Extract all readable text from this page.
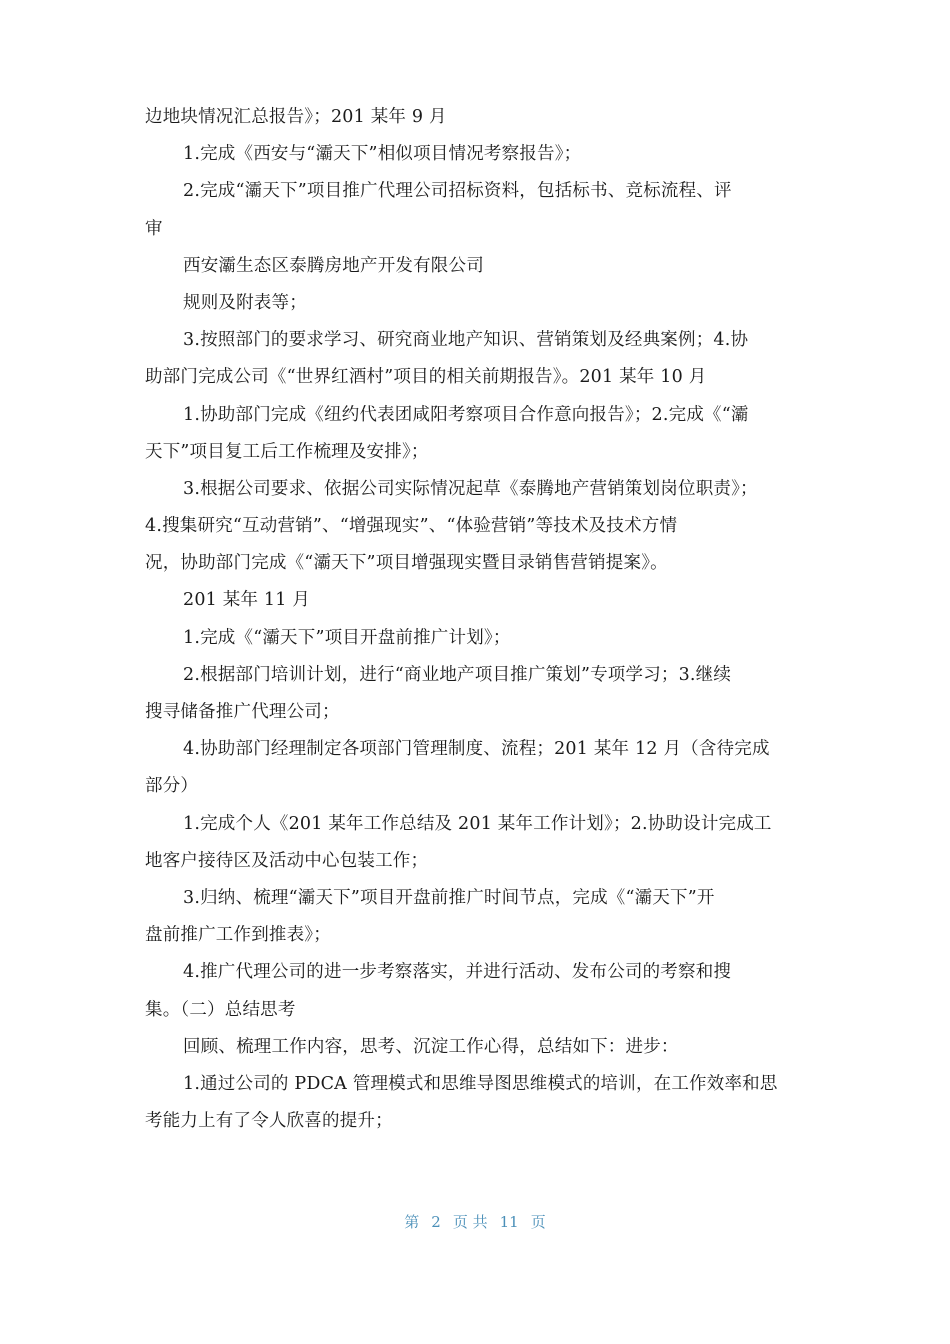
边地块情况汇总报告》；201 某年 9 月
1.完成《西安与“灞天下”相似项目情况考察报告》；
2.完成“灞天下”项目推广代理公司招标资料，包括标书、竞标流程、评
审
西安灞生态区泰腾房地产开发有限公司
规则及附表等；
3.按照部门的要求学习、研究商业地产知识、营销策划及经典案例；4.协
助部门完成公司《“世界红酒村”项目的相关前期报告》。201 某年 10 月
1.协助部门完成《纽约代表团咸阳考察项目合作意向报告》；2.完成《“灞
天下”项目复工后工作梳理及安排》；
3.根据公司要求、依据公司实际情况起草《泰腾地产营销策划岗位职责》；
4.搜集研究“互动营销”、“增强现实”、“体验营销”等技术及技术方情
况，协助部门完成《“灞天下”项目增强现实暨目录销售营销提案》。
201 某年 11 月
1.完成《“灞天下”项目开盘前推广计划》；
2.根据部门培训计划，进行“商业地产项目推广策划”专项学习；3.继续
搜寻储备推广代理公司；
4.协助部门经理制定各项部门管理制度、流程；201 某年 12 月（含待完成
部分）
1.完成个人《201 某年工作总结及 201 某年工作计划》；2.协助设计完成工
地客户接待区及活动中心包装工作；
3.归纳、梳理“灞天下”项目开盘前推广时间节点，完成《“灞天下”开
盘前推广工作到推表》；
4.推广代理公司的进一步考察落实，并进行活动、发布公司的考察和搜
集。（二）总结思考
回顾、梳理工作内容，思考、沉淀工作心得，总结如下：进步：
1.通过公司的 PDCA 管理模式和思维导图思维模式的培训，在工作效率和思
考能力上有了令人欣喜的提升；
第 2 页 共 11 页
